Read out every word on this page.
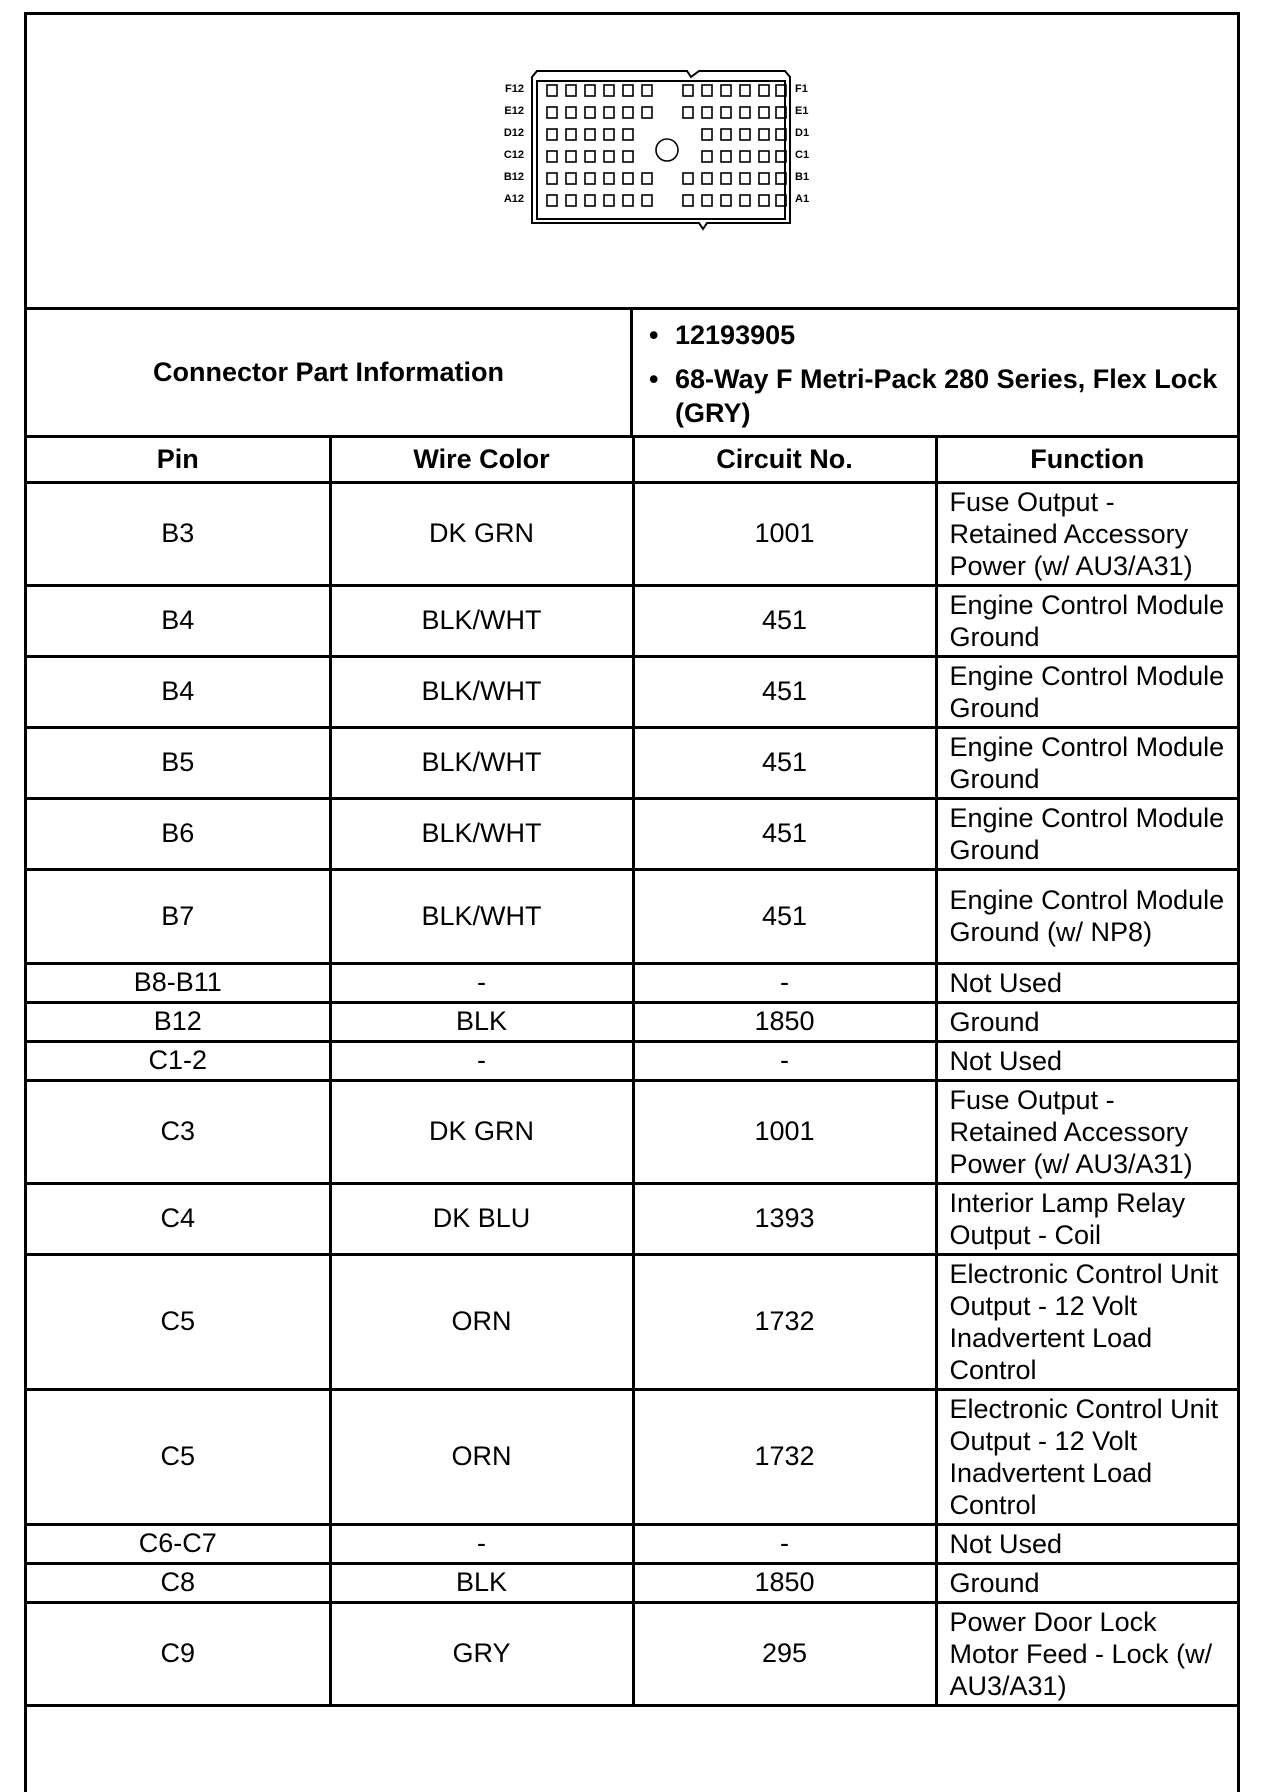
F12
E12
D12
C12
B12
A12
F1
E1
D1
C1
B1
A1
Connector Part Information
• 12193905
• 68-Way F Metri-Pack 280 Series, Flex Lock (GRY)
Pin	Wire Color	Circuit No.	Function
B3	DK GRN	1001	Fuse Output - Retained Accessory Power (w/ AU3/A31)
B4	BLK/WHT	451	Engine Control Module Ground
B4	BLK/WHT	451	Engine Control Module Ground
B5	BLK/WHT	451	Engine Control Module Ground
B6	BLK/WHT	451	Engine Control Module Ground
B7	BLK/WHT	451	Engine Control Module Ground (w/ NP8)
B8-B11	-	-	Not Used
B12	BLK	1850	Ground
C1-2	-	-	Not Used
C3	DK GRN	1001	Fuse Output - Retained Accessory Power (w/ AU3/A31)
C4	DK BLU	1393	Interior Lamp Relay Output - Coil
C5	ORN	1732	Electronic Control Unit Output - 12 Volt Inadvertent Load Control
C5	ORN	1732	Electronic Control Unit Output - 12 Volt Inadvertent Load Control
C6-C7	-	-	Not Used
C8	BLK	1850	Ground
C9	GRY	295	Power Door Lock Motor Feed - Lock (w/ AU3/A31)
